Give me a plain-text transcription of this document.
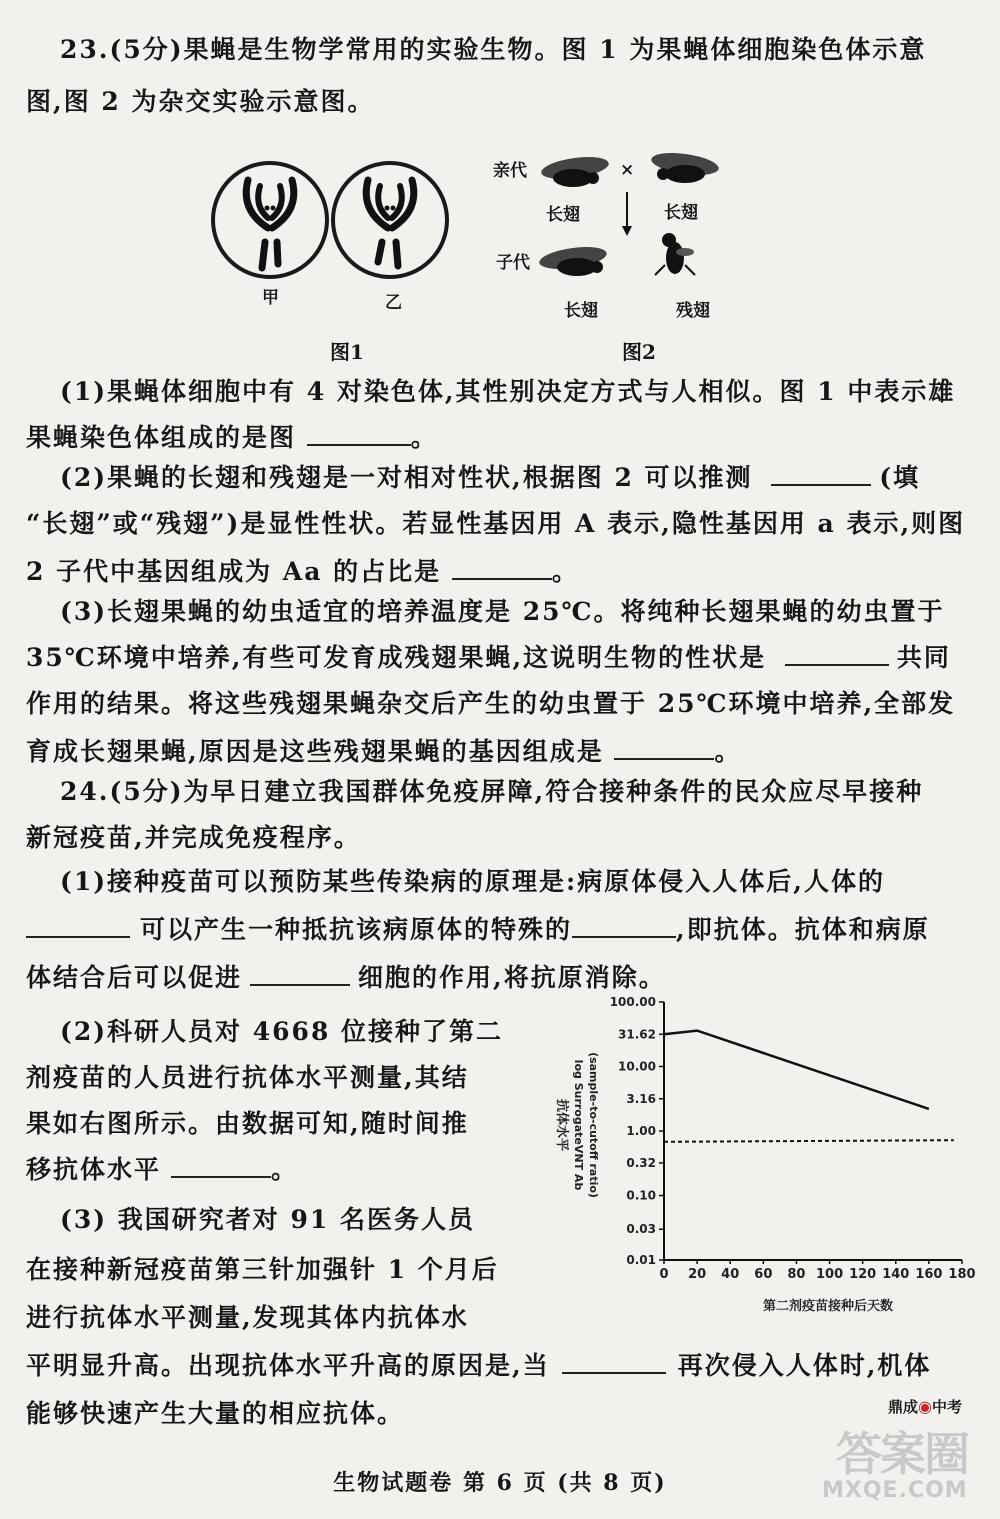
23.(5分)果蝇是生物学常用的实验生物。图 1 为果蝇体细胞染色体示意
图,图 2 为杂交实验示意图。
甲	乙
图1
亲代	×
长翅	长翅
子代
长翅	残翅
图2
(1)果蝇体细胞中有 4 对染色体,其性别决定方式与人相似。图 1 中表示雄
果蝇染色体组成的是图	。
(2)果蝇的长翅和残翅是一对相对性状,根据图 2 可以推测	(填
“长翅”或“残翅”)是显性性状。若显性基因用 A 表示,隐性基因用 a 表示,则图
2 子代中基因组成为 Aa 的占比是	。
(3)长翅果蝇的幼虫适宜的培养温度是 25℃。将纯种长翅果蝇的幼虫置于
35℃环境中培养,有些可发育成残翅果蝇,这说明生物的性状是	共同
作用的结果。将这些残翅果蝇杂交后产生的幼虫置于 25℃环境中培养,全部发
育成长翅果蝇,原因是这些残翅果蝇的基因组成是	。
24.(5分)为早日建立我国群体免疫屏障,符合接种条件的民众应尽早接种
新冠疫苗,并完成免疫程序。
(1)接种疫苗可以预防某些传染病的原理是:病原体侵入人体后,人体的
可以产生一种抵抗该病原体的特殊的	,即抗体。抗体和病原
体结合后可以促进	细胞的作用,将抗原消除。
(2)科研人员对 4668 位接种了第二
剂疫苗的人员进行抗体水平测量,其结
果如右图所示。由数据可知,随时间推
移抗体水平	。
(3) 我国研究者对 91 名医务人员
在接种新冠疫苗第三针加强针 1 个月后
进行抗体水平测量,发现其体内抗体水
平明显升高。出现抗体水平升高的原因是,当	再次侵入人体时,机体
能够快速产生大量的相应抗体。
100.00
31.62
10.00
3.16
1.00
0.32
0.10
0.03
0.01
0 20 40 60 80 100 120 140 160 180
抗体水平 log SurrogateVNT Ab (sample-to-cutoff ratio)
第二剂疫苗接种后天数
鼎成◉中考
答案圈
MXQE.COM
生物试题卷 第 6 页 (共 8 页)
